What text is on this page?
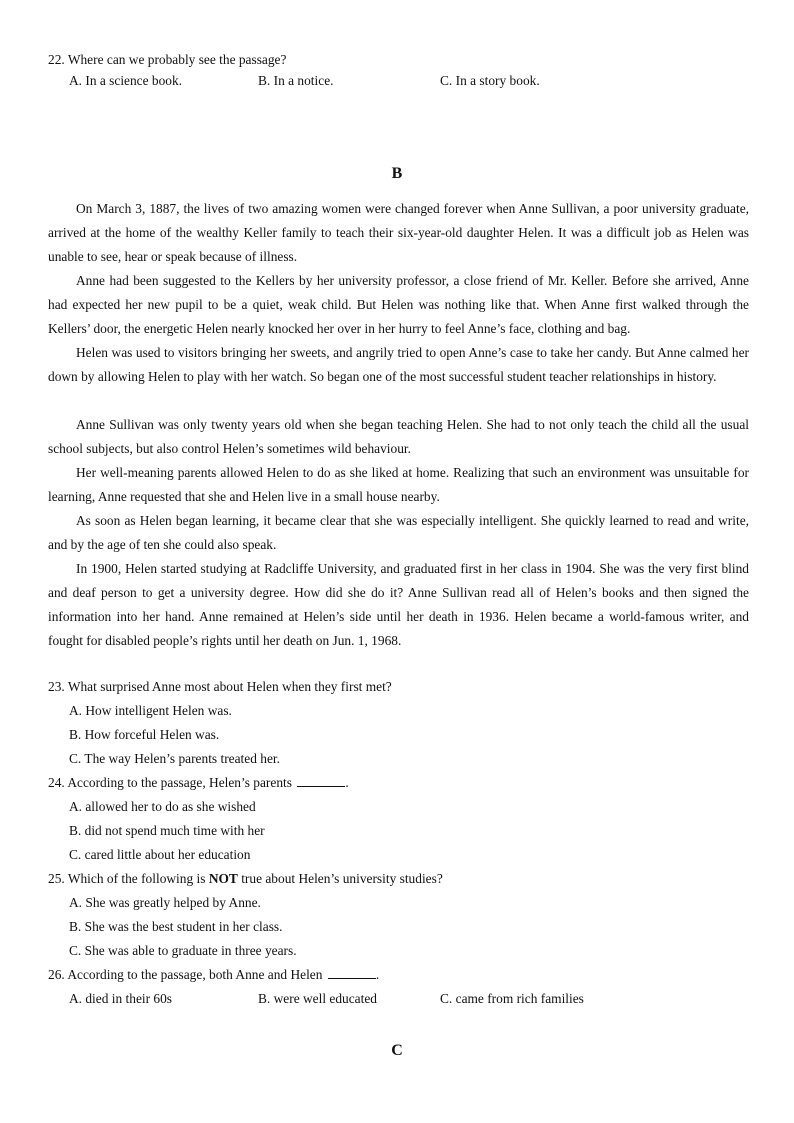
22. Where can we probably see the passage?
A. In a science book.	B. In a notice.	C. In a story book.
B

On March 3, 1887, the lives of two amazing women were changed forever when Anne Sullivan, a poor university graduate, arrived at the home of the wealthy Keller family to teach their six-year-old daughter Helen. It was a difficult job as Helen was unable to see, hear or speak because of illness.

Anne had been suggested to the Kellers by her university professor, a close friend of Mr. Keller. Before she arrived, Anne had expected her new pupil to be a quiet, weak child. But Helen was nothing like that. When Anne first walked through the Kellers’ door, the energetic Helen nearly knocked her over in her hurry to feel Anne’s face, clothing and bag.

Helen was used to visitors bringing her sweets, and angrily tried to open Anne’s case to take her candy. But Anne calmed her down by allowing Helen to play with her watch. So began one of the most successful student teacher relationships in history.

Anne Sullivan was only twenty years old when she began teaching Helen. She had to not only teach the child all the usual school subjects, but also control Helen’s sometimes wild behaviour.

Her well-meaning parents allowed Helen to do as she liked at home. Realizing that such an environment was unsuitable for learning, Anne requested that she and Helen live in a small house nearby.

As soon as Helen began learning, it became clear that she was especially intelligent. She quickly learned to read and write, and by the age of ten she could also speak.

In 1900, Helen started studying at Radcliffe University, and graduated first in her class in 1904. She was the very first blind and deaf person to get a university degree. How did she do it? Anne Sullivan read all of Helen’s books and then signed the information into her hand. Anne remained at Helen’s side until her death in 1936. Helen became a world-famous writer, and fought for disabled people’s rights until her death on Jun. 1, 1968.

23. What surprised Anne most about Helen when they first met?
A. How intelligent Helen was.
B. How forceful Helen was.
C. The way Helen’s parents treated her.
24. According to the passage, Helen’s parents	.
A. allowed her to do as she wished
B. did not spend much time with her
C. cared little about her education
25. Which of the following is NOT true about Helen’s university studies?
A. She was greatly helped by Anne.
B. She was the best student in her class.
C. She was able to graduate in three years.
26. According to the passage, both Anne and Helen	.
A. died in their 60s	B. were well educated	C. came from rich families
C
